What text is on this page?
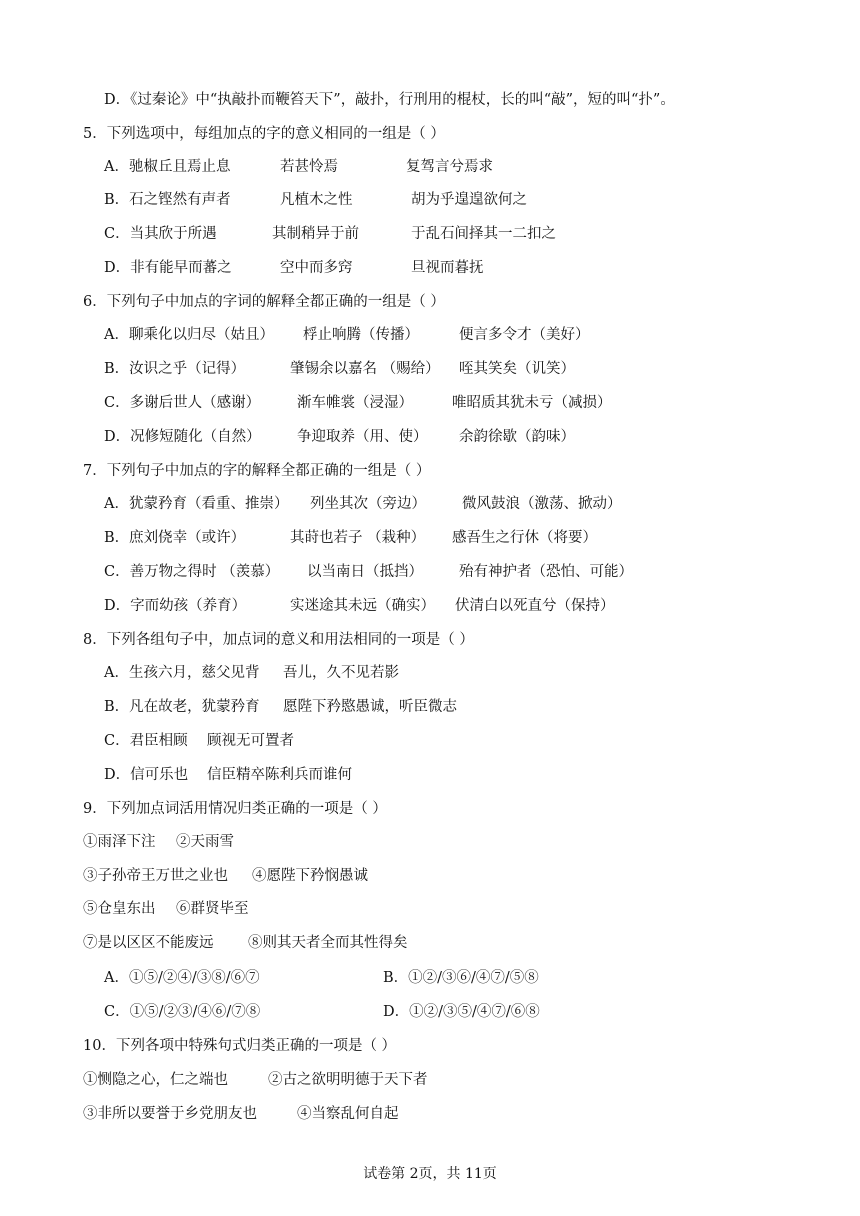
D．《过秦论》中“执敲扑而鞭笞天下”，敲扑，行刑用的棍杖，长的叫“敲”，短的叫“扑”。
5．下列选项中，每组加点的字的意义相同的一组是（ ）
A．驰椒丘且焉止息	若甚怜焉	复驾言兮焉求
B．石之铿然有声者	凡植木之性	胡为乎遑遑欲何之
C．当其欣于所遇	其制稍异于前	于乱石间择其一二扣之
D．非有能早而蕃之	空中而多窍	旦视而暮抚
6．下列句子中加点的字词的解释全都正确的一组是（ ）
A．聊乘化以归尽（姑且） 桴止响腾（传播）	便言多令才（美好）
B．汝识之乎（记得）	肇锡余以嘉名 （赐给） 咥其笑矣（讥笑）
C．多谢后世人（感谢）	渐车帷裳（浸湿）	唯昭质其犹未亏（减损）
D．况修短随化（自然）	争迎取养（用、使） 余韵徐歇（韵味）
7．下列句子中加点的字的解释全都正确的一组是（ ）
A．犹蒙矜育（看重、推崇） 列坐其次（旁边） 微风鼓浪（激荡、掀动）
B．庶刘侥幸（或许）	其莳也若子 （栽种） 感吾生之行休（将要）
C．善万物之得时 （羡慕） 以当南日（抵挡） 殆有神护者（恐怕、可能）
D．字而幼孩（养育）	实迷途其未远（确实） 伏清白以死直兮（保持）
8．下列各组句子中，加点词的意义和用法相同的一项是（ ）
A．生孩六月，慈父见背 吾儿，久不见若影
B．凡在故老，犹蒙矜育 愿陛下矜愍愚诚，听臣微志
C．君臣相顾 顾视无可置者
D．信可乐也 信臣精卒陈利兵而谁何
9．下列加点词活用情况归类正确的一项是（ ）
①雨泽下注 ②天雨雪
③子孙帝王万世之业也 ④愿陛下矜悯愚诚
⑤仓皇东出 ⑥群贤毕至
⑦是以区区不能废远 ⑧则其天者全而其性得矣
A．①⑤/②④/③⑧/⑥⑦	B．①②/③⑥/④⑦/⑤⑧
C．①⑤/②③/④⑥/⑦⑧	D．①②/③⑤/④⑦/⑥⑧
10．下列各项中特殊句式归类正确的一项是（ ）
①恻隐之心，仁之端也	②古之欲明明德于天下者
③非所以要誉于乡党朋友也	④当察乱何自起
试卷第 2页，共 11页
